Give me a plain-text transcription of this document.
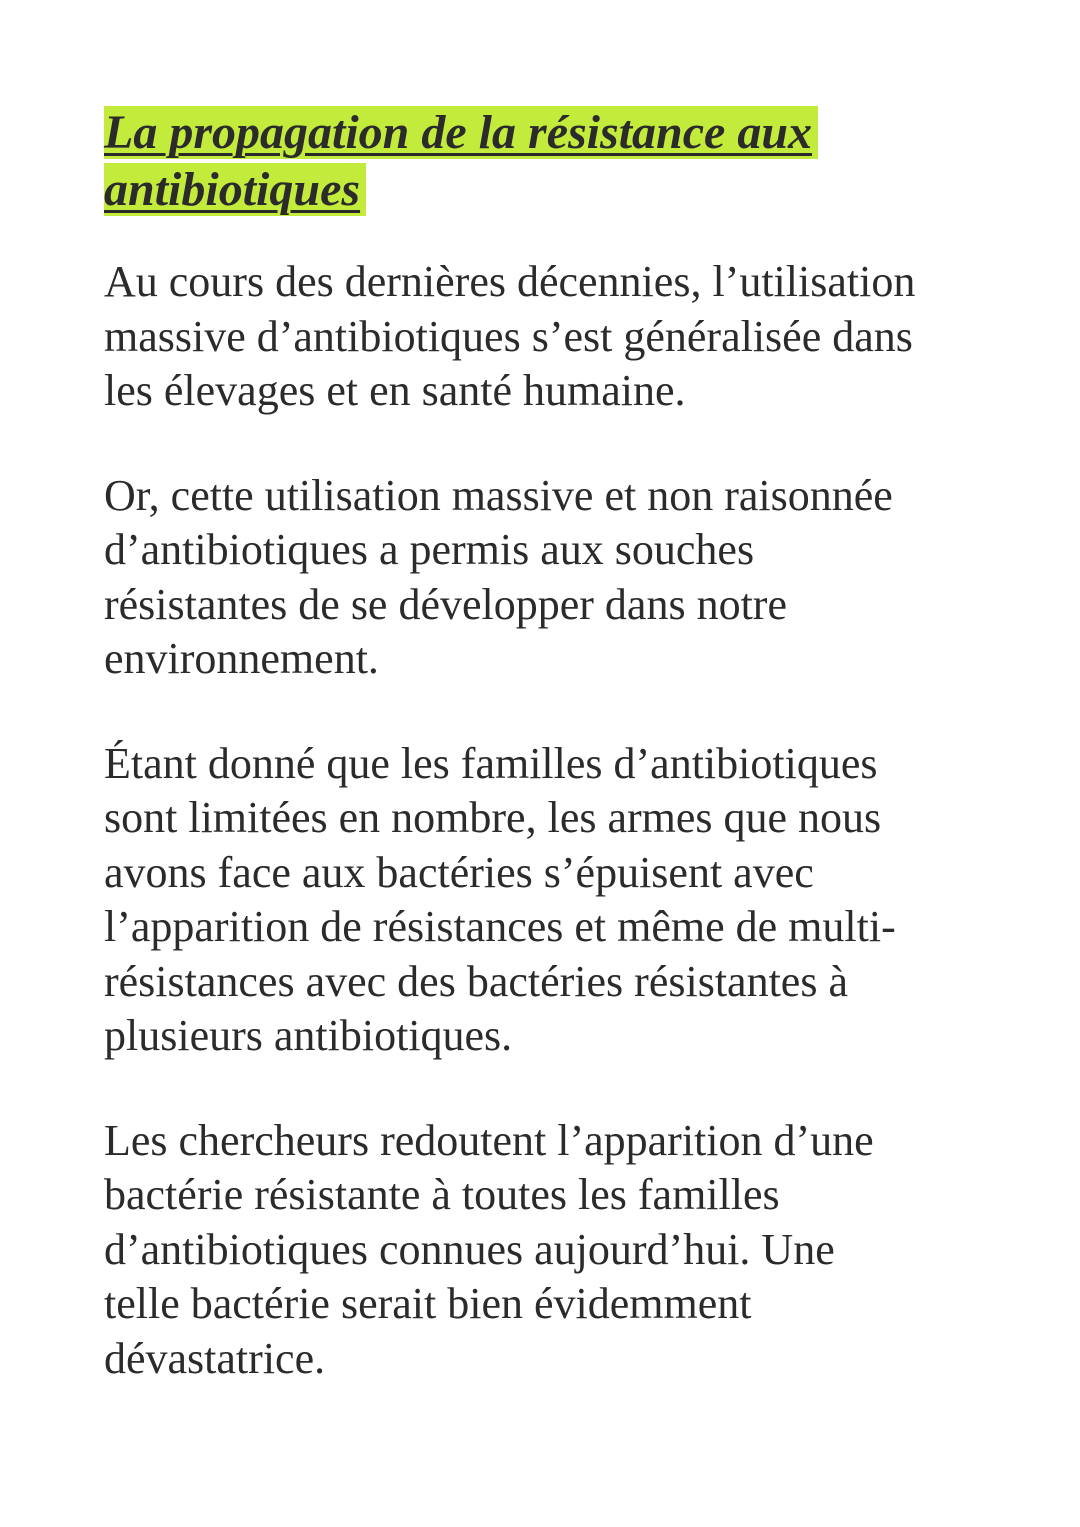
La propagation de la résistance aux
antibiotiques

Au cours des dernières décennies, l’utilisation
massive d’antibiotiques s’est généralisée dans
les élevages et en santé humaine.

Or, cette utilisation massive et non raisonnée
d’antibiotiques a permis aux souches
résistantes de se développer dans notre
environnement.

Étant donné que les familles d’antibiotiques
sont limitées en nombre, les armes que nous
avons face aux bactéries s’épuisent avec
l’apparition de résistances et même de multi-
résistances avec des bactéries résistantes à
plusieurs antibiotiques.

Les chercheurs redoutent l’apparition d’une
bactérie résistante à toutes les familles
d’antibiotiques connues aujourd’hui. Une
telle bactérie serait bien évidemment
dévastatrice.
